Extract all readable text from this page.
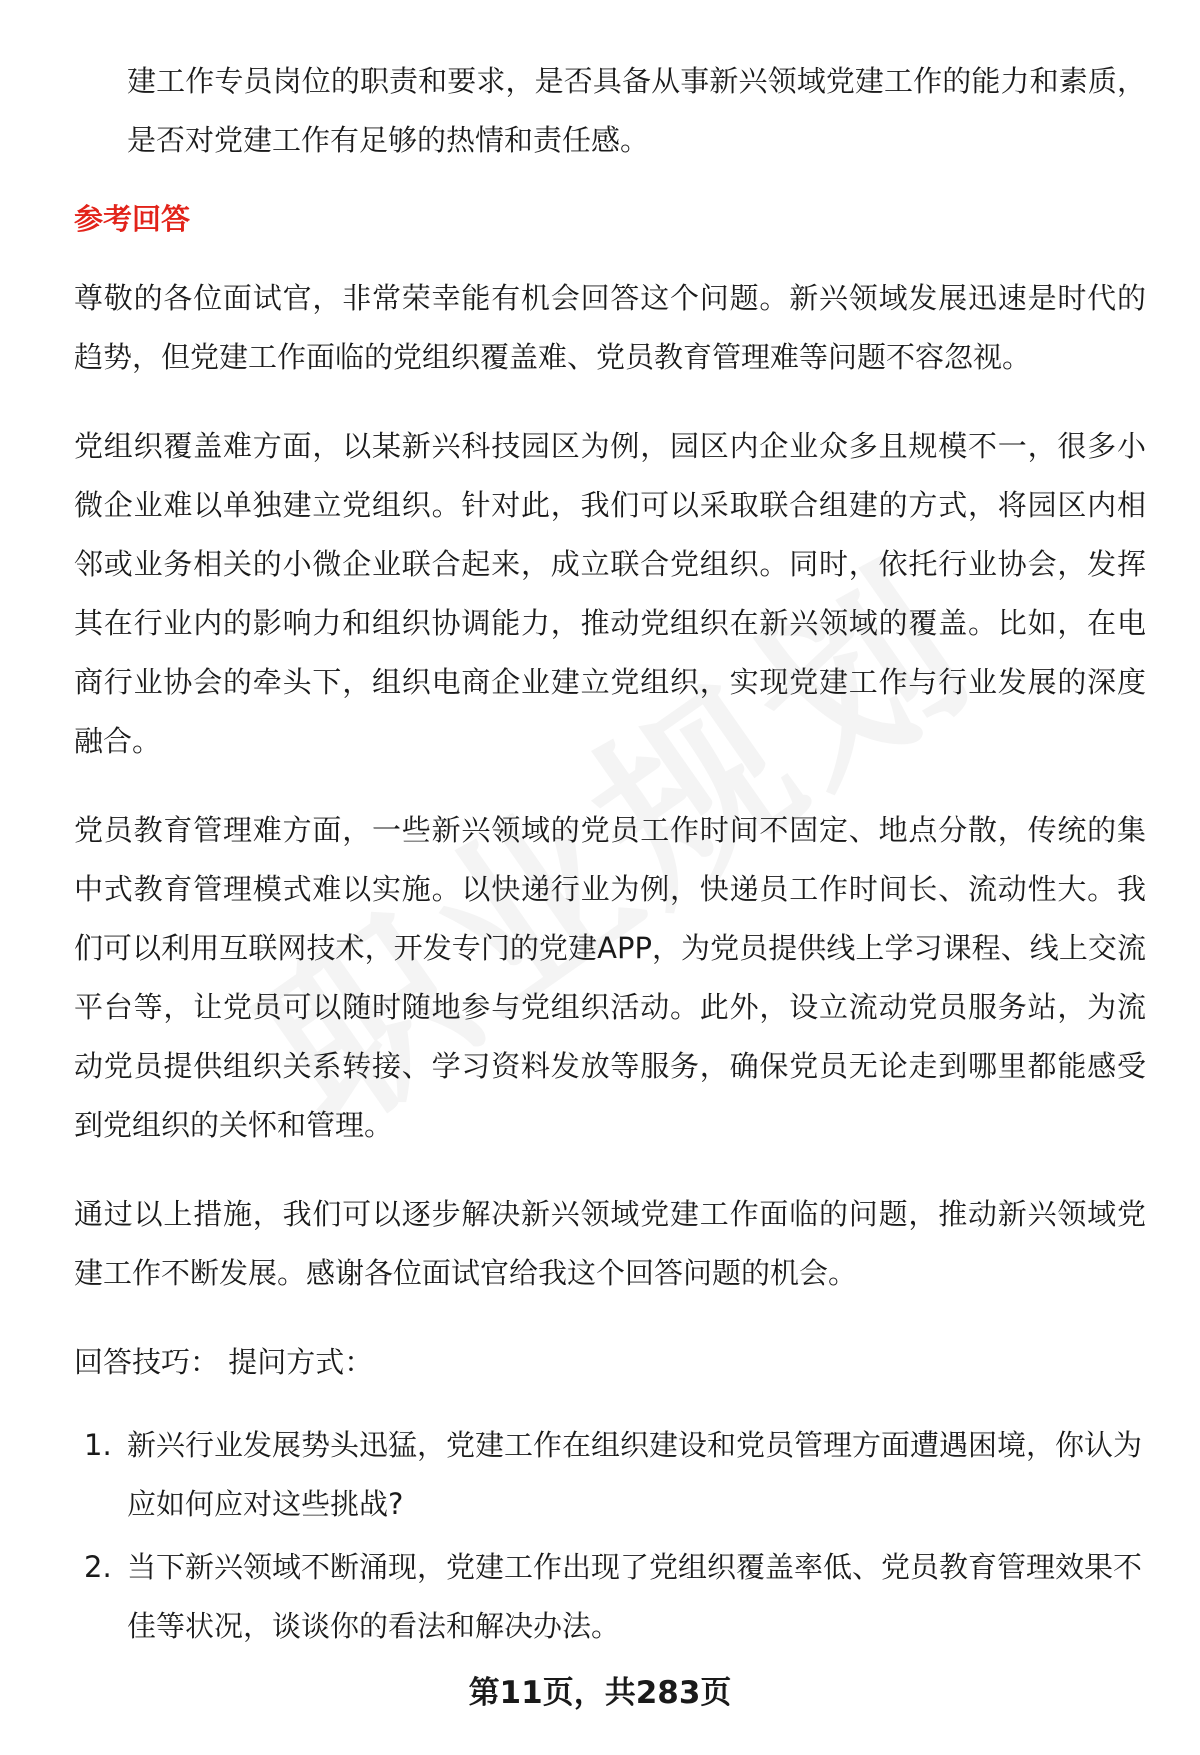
建工作专员岗位的职责和要求，是否具备从事新兴领域党建工作的能力和素质，是否对党建工作有足够的热情和责任感。

参考回答

尊敬的各位面试官，非常荣幸能有机会回答这个问题。新兴领域发展迅速是时代的趋势，但党建工作面临的党组织覆盖难、党员教育管理难等问题不容忽视。

党组织覆盖难方面，以某新兴科技园区为例，园区内企业众多且规模不一，很多小微企业难以单独建立党组织。针对此，我们可以采取联合组建的方式，将园区内相邻或业务相关的小微企业联合起来，成立联合党组织。同时，依托行业协会，发挥其在行业内的影响力和组织协调能力，推动党组织在新兴领域的覆盖。比如，在电商行业协会的牵头下，组织电商企业建立党组织，实现党建工作与行业发展的深度融合。

党员教育管理难方面，一些新兴领域的党员工作时间不固定、地点分散，传统的集中式教育管理模式难以实施。以快递行业为例，快递员工作时间长、流动性大。我们可以利用互联网技术，开发专门的党建APP，为党员提供线上学习课程、线上交流平台等，让党员可以随时随地参与党组织活动。此外，设立流动党员服务站，为流动党员提供组织关系转接、学习资料发放等服务，确保党员无论走到哪里都能感受到党组织的关怀和管理。

通过以上措施，我们可以逐步解决新兴领域党建工作面临的问题，推动新兴领域党建工作不断发展。感谢各位面试官给我这个回答问题的机会。

回答技巧： 提问方式：

1. 新兴行业发展势头迅猛，党建工作在组织建设和党员管理方面遭遇困境，你认为应如何应对这些挑战?
2. 当下新兴领域不断涌现，党建工作出现了党组织覆盖率低、党员教育管理效果不佳等状况，谈谈你的看法和解决办法。
第11页，共283页
